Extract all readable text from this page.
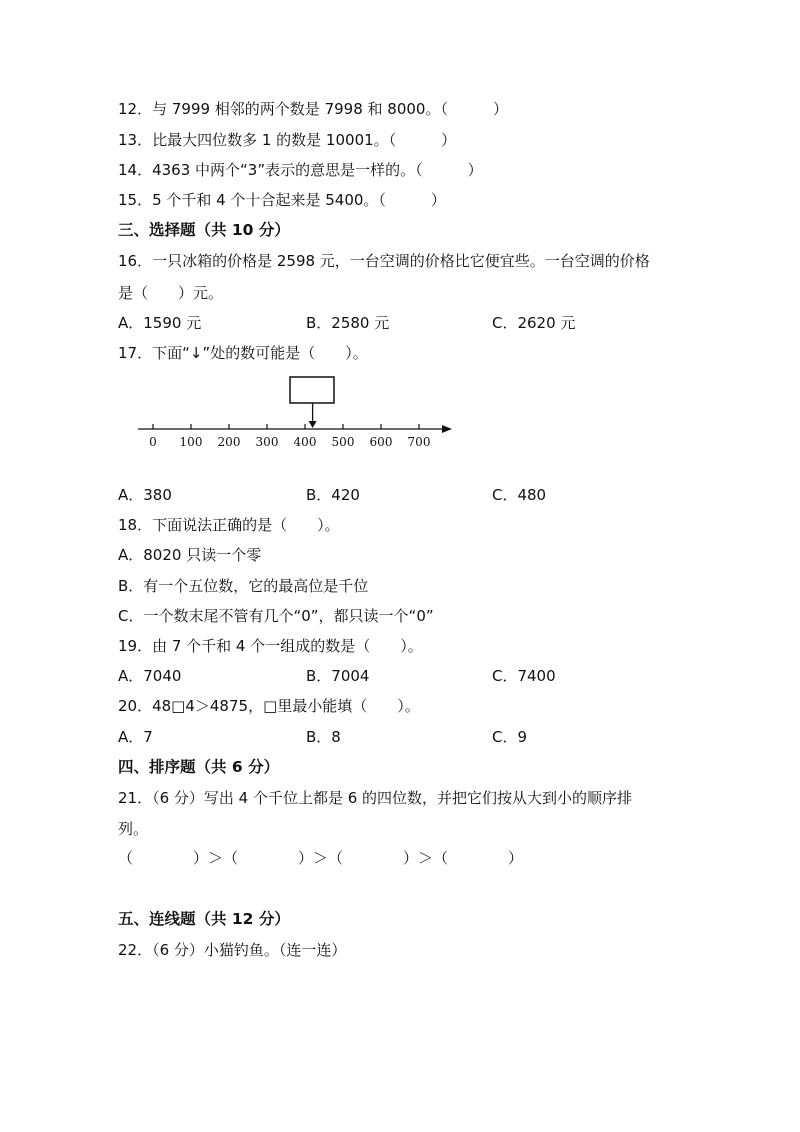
12．与 7999 相邻的两个数是 7998 和 8000。（　　　）
13．比最大四位数多 1 的数是 10001。（　　　）
14．4363 中两个“3”表示的意思是一样的。（　　　）
15．5 个千和 4 个十合起来是 5400。（　　　）
三、选择题（共 10 分）
16．一只冰箱的价格是 2598 元，一台空调的价格比它便宜些。一台空调的价格
是（　　）元。
A．1590 元	B．2580 元	C．2620 元
17．下面“↓”处的数可能是（　　）。
0 100 200 300 400 500 600 700
A．380	B．420	C．480
18．下面说法正确的是（　　）。
A．8020 只读一个零
B．有一个五位数，它的最高位是千位
C．一个数末尾不管有几个“0”，都只读一个“0”
19．由 7 个千和 4 个一组成的数是（　　）。
A．7040	B．7004	C．7400
20．48□4＞4875，□里最小能填（　　）。
A．7	B．8	C．9
四、排序题（共 6 分）
21．（6 分）写出 4 个千位上都是 6 的四位数，并把它们按从大到小的顺序排
列。
（　　　　）＞（　　　　）＞（　　　　）＞（　　　　）
五、连线题（共 12 分）
22．（6 分）小猫钓鱼。（连一连）
